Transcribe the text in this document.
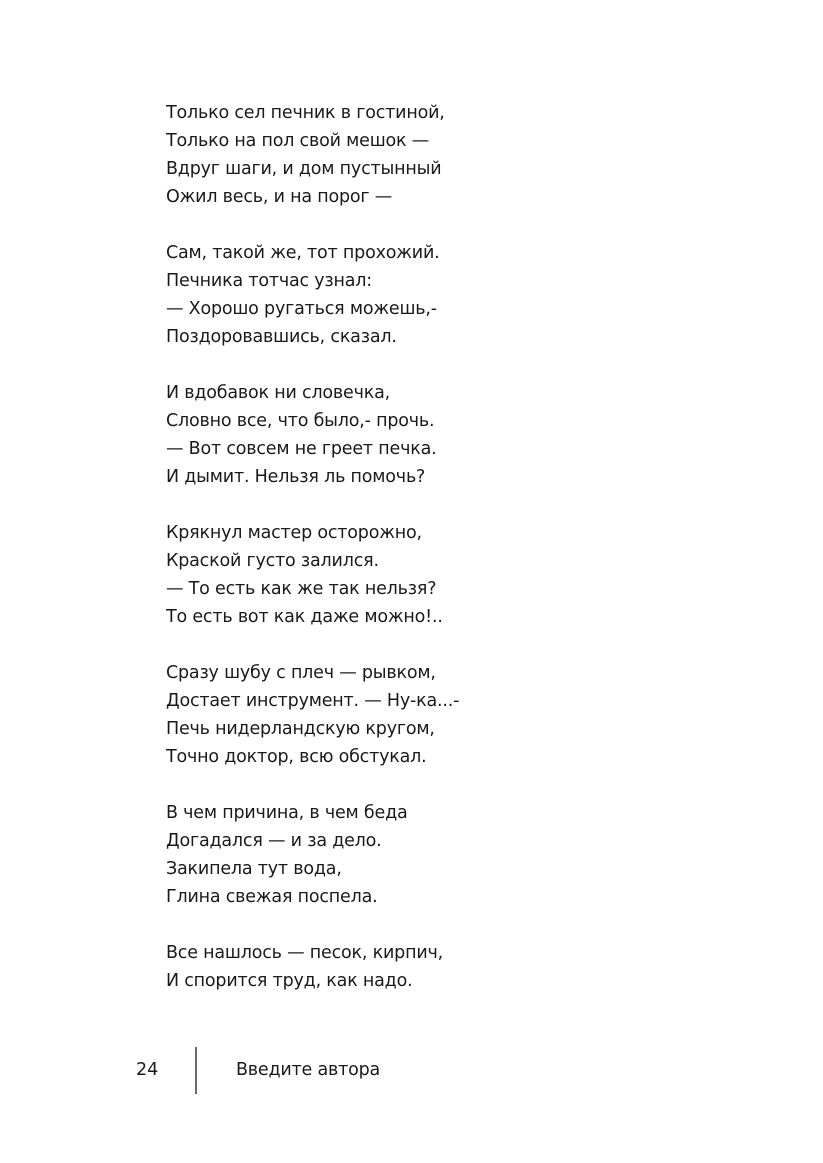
Только сел печник в гостиной,
Только на пол свой мешок —
Вдруг шаги, и дом пустынный
Ожил весь, и на порог —
Сам, такой же, тот прохожий.
Печника тотчас узнал:
— Хорошо ругаться можешь,-
Поздоровавшись, сказал.
И вдобавок ни словечка,
Словно все, что было,- прочь.
— Вот совсем не греет печка.
И дымит. Нельзя ль помочь?
Крякнул мастер осторожно,
Краской густо залился.
— То есть как же так нельзя?
То есть вот как даже можно!..
Сразу шубу с плеч — рывком,
Достает инструмент. — Ну-ка...-
Печь нидерландскую кругом,
Точно доктор, всю обстукал.
В чем причина, в чем беда
Догадался — и за дело.
Закипела тут вода,
Глина свежая поспела.
Все нашлось — песок, кирпич,
И спорится труд, как надо.
24	Введите автора
